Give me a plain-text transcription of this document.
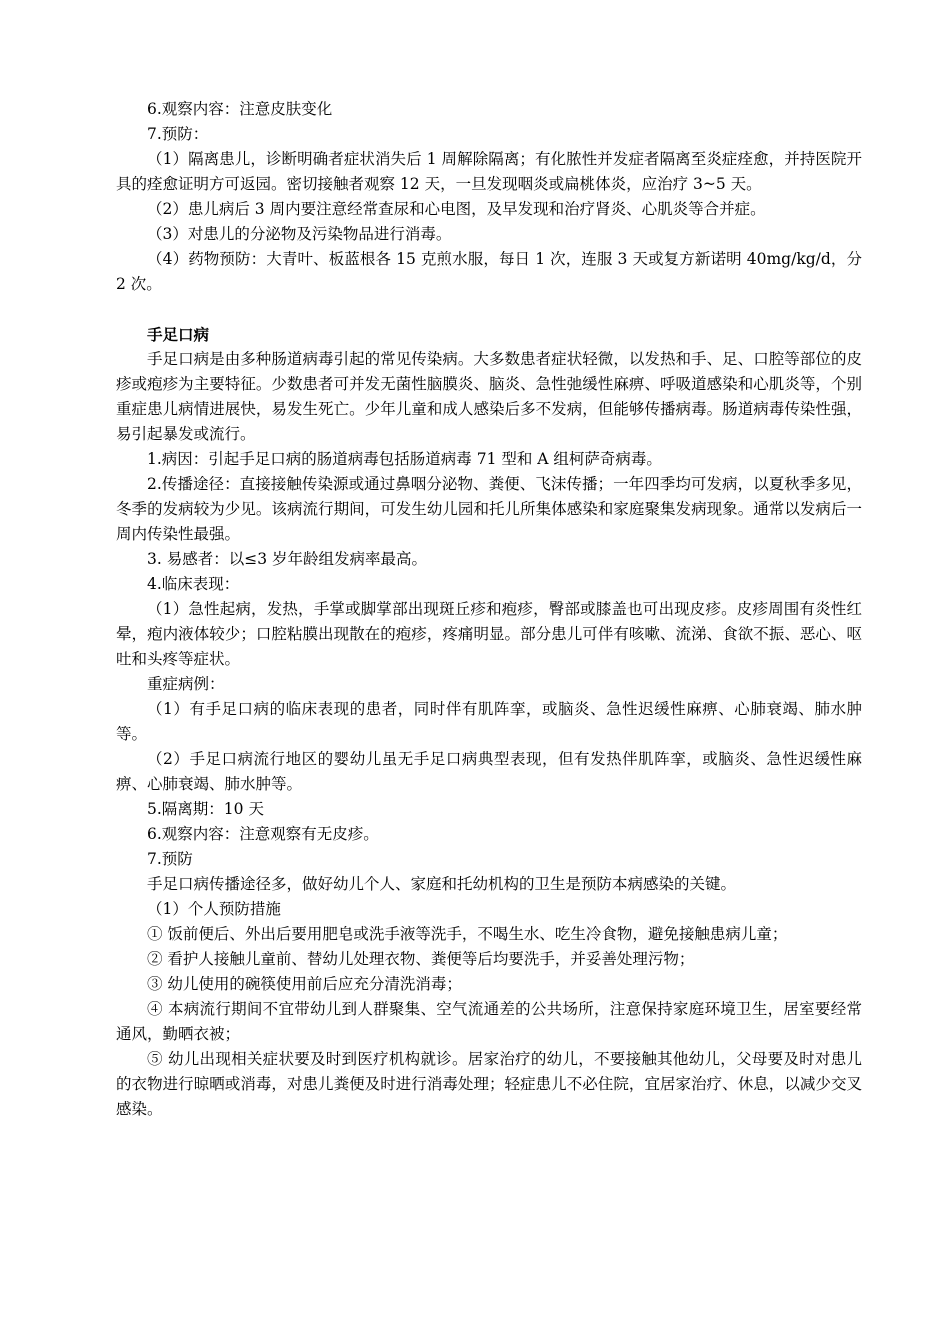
6.观察内容：注意皮肤变化

7.预防：

（1）隔离患儿，诊断明确者症状消失后 1 周解除隔离；有化脓性并发症者隔离至炎症痊愈，并持医院开具的痊愈证明方可返园。密切接触者观察 12 天，一旦发现咽炎或扁桃体炎，应治疗 3~5 天。

（2）患儿病后 3 周内要注意经常查尿和心电图，及早发现和治疗肾炎、心肌炎等合并症。

（3）对患儿的分泌物及污染物品进行消毒。

（4）药物预防：大青叶、板蓝根各 15 克煎水服，每日 1 次，连服 3 天或复方新诺明 40mg/kg/d，分 2 次。

手足口病

手足口病是由多种肠道病毒引起的常见传染病。大多数患者症状轻微，以发热和手、足、口腔等部位的皮疹或疱疹为主要特征。少数患者可并发无菌性脑膜炎、脑炎、急性弛缓性麻痹、呼吸道感染和心肌炎等，个别重症患儿病情进展快，易发生死亡。少年儿童和成人感染后多不发病，但能够传播病毒。肠道病毒传染性强，易引起暴发或流行。

1.病因：引起手足口病的肠道病毒包括肠道病毒 71 型和 A 组柯萨奇病毒。

2.传播途径：直接接触传染源或通过鼻咽分泌物、粪便、飞沫传播；一年四季均可发病，以夏秋季多见，冬季的发病较为少见。该病流行期间，可发生幼儿园和托儿所集体感染和家庭聚集发病现象。通常以发病后一周内传染性最强。

3. 易感者：以≤3 岁年龄组发病率最高。

4.临床表现：

（1）急性起病，发热，手掌或脚掌部出现斑丘疹和疱疹，臀部或膝盖也可出现皮疹。皮疹周围有炎性红晕，疱内液体较少；口腔粘膜出现散在的疱疹，疼痛明显。部分患儿可伴有咳嗽、流涕、食欲不振、恶心、呕吐和头疼等症状。

重症病例：

（1）有手足口病的临床表现的患者，同时伴有肌阵挛，或脑炎、急性迟缓性麻痹、心肺衰竭、肺水肿等。

（2）手足口病流行地区的婴幼儿虽无手足口病典型表现，但有发热伴肌阵挛，或脑炎、急性迟缓性麻痹、心肺衰竭、肺水肿等。

5.隔离期：10 天

6.观察内容：注意观察有无皮疹。

7.预防

手足口病传播途径多，做好幼儿个人、家庭和托幼机构的卫生是预防本病感染的关键。

（1）个人预防措施

① 饭前便后、外出后要用肥皂或洗手液等洗手，不喝生水、吃生冷食物，避免接触患病儿童；

② 看护人接触儿童前、替幼儿处理衣物、粪便等后均要洗手，并妥善处理污物；

③ 幼儿使用的碗筷使用前后应充分清洗消毒；

④ 本病流行期间不宜带幼儿到人群聚集、空气流通差的公共场所，注意保持家庭环境卫生，居室要经常通风，勤晒衣被；

⑤ 幼儿出现相关症状要及时到医疗机构就诊。居家治疗的幼儿，不要接触其他幼儿，父母要及时对患儿的衣物进行晾晒或消毒，对患儿粪便及时进行消毒处理；轻症患儿不必住院，宜居家治疗、休息，以减少交叉感染。
